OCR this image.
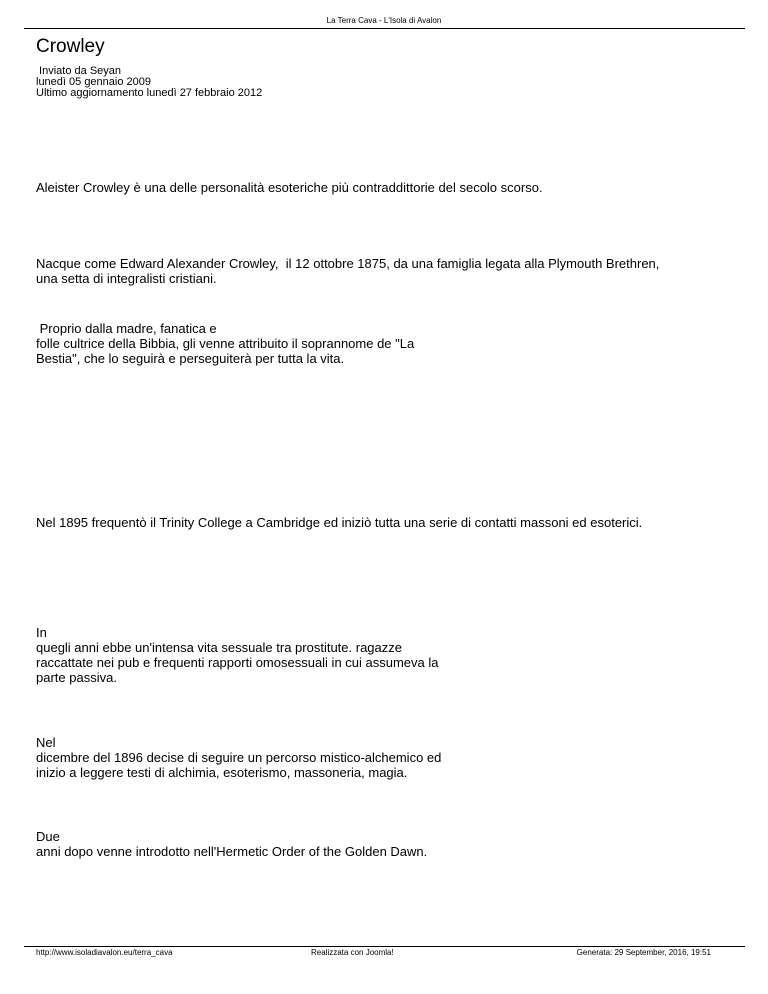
La Terra Cava - L'Isola di Avalon
Crowley
Inviato da Seyan
lunedì 05 gennaio 2009
Ultimo aggiornamento lunedì 27 febbraio 2012
Aleister Crowley è una delle personalità esoteriche più contraddittorie del secolo scorso.
Nacque come Edward Alexander Crowley,  il 12 ottobre 1875, da una famiglia legata alla Plymouth Brethren,
una setta di integralisti cristiani.
Proprio dalla madre, fanatica e
folle cultrice della Bibbia, gli venne attribuito il soprannome de "La
Bestia", che lo seguirà e perseguiterà per tutta la vita.
Nel 1895 frequentò il Trinity College a Cambridge ed iniziò tutta una serie di contatti massoni ed esoterici.
In
quegli anni ebbe un'intensa vita sessuale tra prostitute. ragazze
raccattate nei pub e frequenti rapporti omosessuali in cui assumeva la
parte passiva.
Nel
dicembre del 1896 decise di seguire un percorso mistico-alchemico ed
inizio a leggere testi di alchimia, esoterismo, massoneria, magia.
Due
anni dopo venne introdotto nell'Hermetic Order of the Golden Dawn.
http://www.isoladiavalon.eu/terra_cava	Realizzata con Joomla!	Generata: 29 September, 2016, 19:51
